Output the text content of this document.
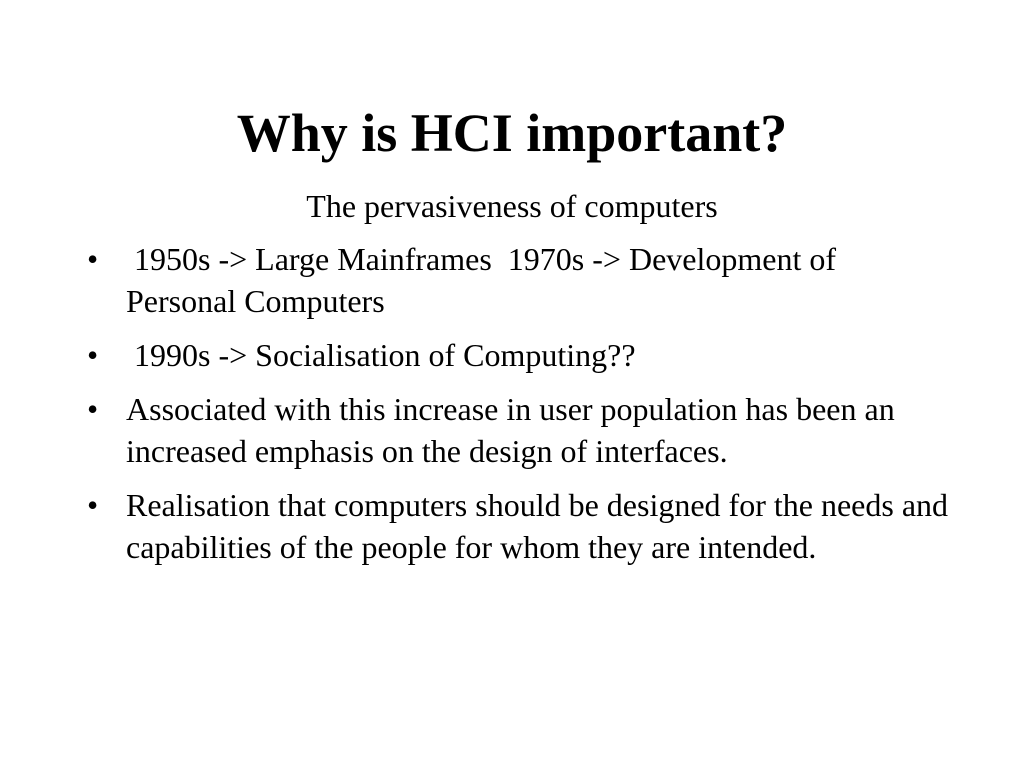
Why is HCI important?

The pervasiveness of computers

• 1950s -> Large Mainframes  1970s -> Development of Personal Computers
• 1990s -> Socialisation of Computing??
• Associated with this increase in user population has been an increased emphasis on the design of interfaces.
• Realisation that computers should be designed for the needs and capabilities of the people for whom they are intended.
